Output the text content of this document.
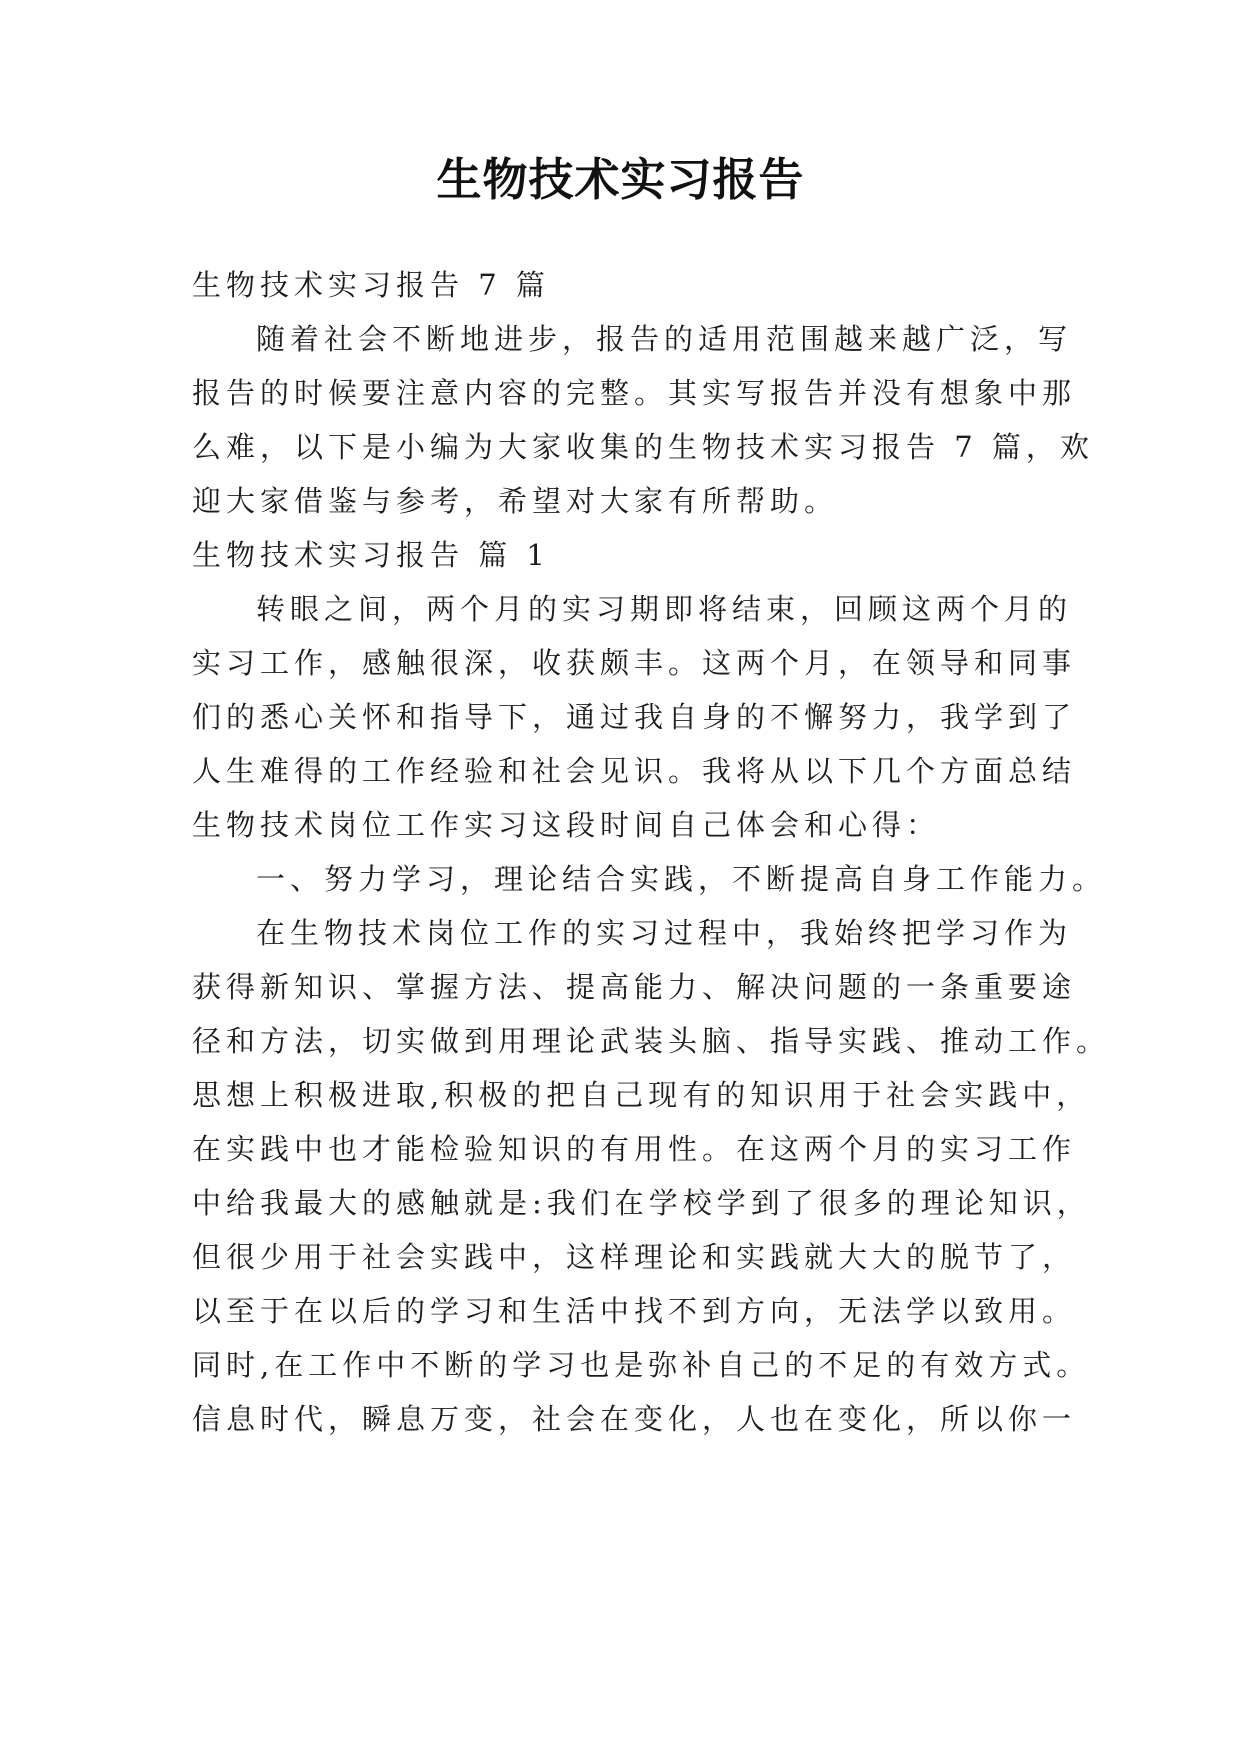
生物技术实习报告
生物技术实习报告 7 篇
随着社会不断地进步，报告的适用范围越来越广泛，写
报告的时候要注意内容的完整。其实写报告并没有想象中那
么难，以下是小编为大家收集的生物技术实习报告 7 篇，欢
迎大家借鉴与参考，希望对大家有所帮助。
生物技术实习报告 篇 1
转眼之间，两个月的实习期即将结束，回顾这两个月的
实习工作，感触很深，收获颇丰。这两个月，在领导和同事
们的悉心关怀和指导下，通过我自身的不懈努力，我学到了
人生难得的工作经验和社会见识。我将从以下几个方面总结
生物技术岗位工作实习这段时间自己体会和心得：
一、努力学习，理论结合实践，不断提高自身工作能力。
在生物技术岗位工作的实习过程中，我始终把学习作为
获得新知识、掌握方法、提高能力、解决问题的一条重要途
径和方法，切实做到用理论武装头脑、指导实践、推动工作。
思想上积极进取,积极的把自己现有的知识用于社会实践中，
在实践中也才能检验知识的有用性。在这两个月的实习工作
中给我最大的感触就是:我们在学校学到了很多的理论知识，
但很少用于社会实践中，这样理论和实践就大大的脱节了，
以至于在以后的学习和生活中找不到方向，无法学以致用。
同时,在工作中不断的学习也是弥补自己的不足的有效方式。
信息时代，瞬息万变，社会在变化，人也在变化，所以你一
